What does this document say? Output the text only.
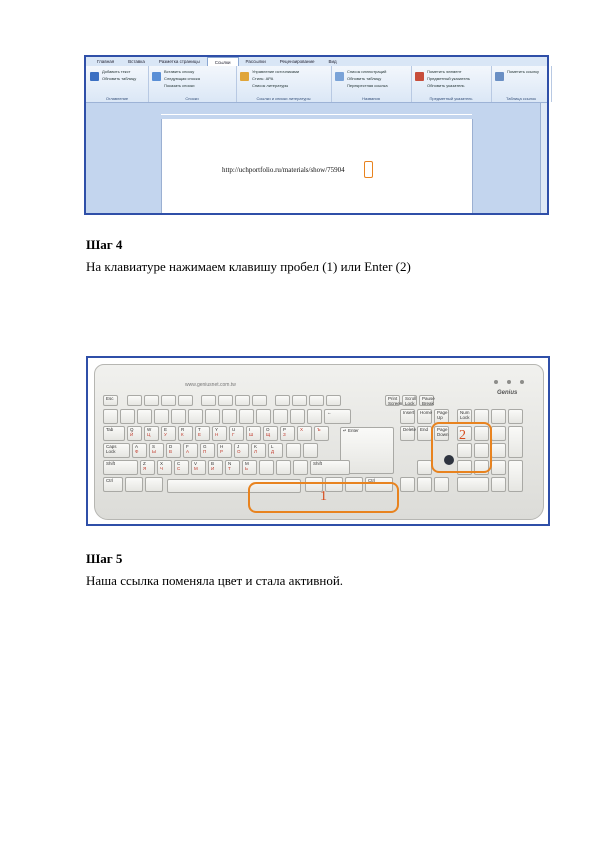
Главная	Вставка	Разметка страницы	Ссылки	Рассылки	Рецензирование	Вид
Добавить текст
Обновить таблицу
Оглавление
Вставить сноску
Следующая сноска
Показать сноски
Сноски
Управление источниками
Стиль: APA
Список литературы
Ссылки и списки литературы
Список иллюстраций
Обновить таблицу
Перекрестная ссылка
Названия
Пометить элемент
Предметный указатель
Обновить указатель
Предметный указатель
Пометить ссылку
Таблица ссылок
http://uchportfolio.ru/materials/show/75904
Шаг 4
На клавиатуре нажимаем клавишу пробел (1) или Enter (2)
www.geniusnet.com.tw
Genius
Esc	Print Screen
Scroll Lock
Pause Break
←
Tab	Q
Й
W
Ц
E
У
R
К
T
Е
Y
Н
U
Г
I
Ш
O
Щ
P
З
Х	Ъ
Caps Lock
A
Ф
S
Ы
D
В
F
А
G
П
H
Р
J
О
K
Л
L
Д
↵ Enter
Shift	Z
Я
X
Ч
C
С
V
М
B
И
N
Т
M
Ь
Shift
Ctrl	Ctrl
Insert	Home	Page Up
Delete End	Page Down
Num Lock
1
2
Шаг 5
Наша ссылка поменяла цвет и стала активной.
